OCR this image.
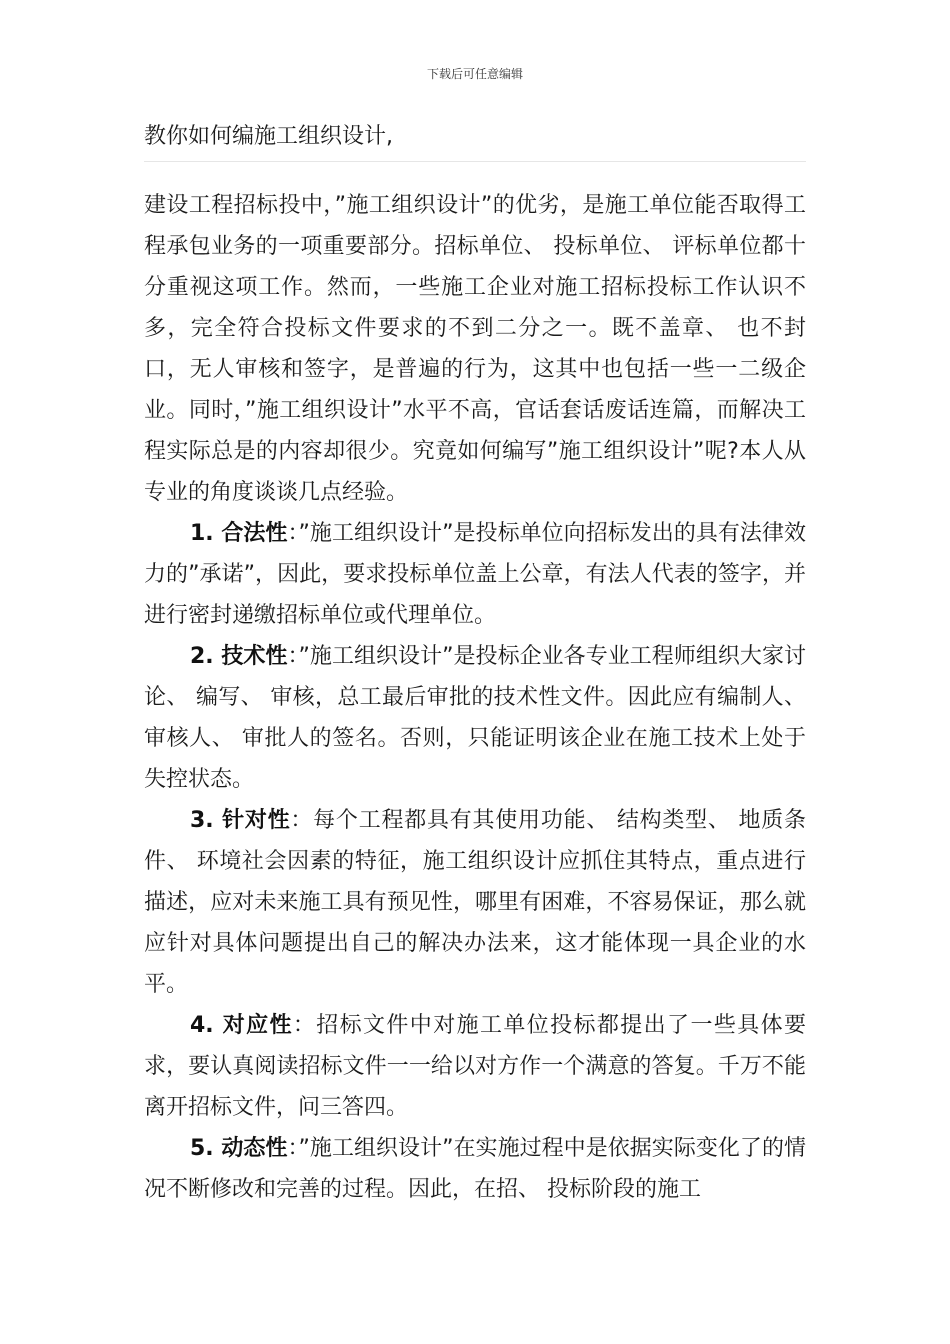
下载后可任意编辑
教你如何编施工组织设计,

建设工程招标投中，”施工组织设计”的优劣，是施工单位能否取得工程承包业务的一项重要部分。招标单位、 投标单位、 评标单位都十分重视这项工作。然而，一些施工企业对施工招标投标工作认识不多，完全符合投标文件要求的不到二分之一。既不盖章、 也不封口，无人审核和签字，是普遍的行为，这其中也包括一些一二级企业。同时，”施工组织设计”水平不高，官话套话废话连篇，而解决工程实际总是的内容却很少。究竟如何编写”施工组织设计”呢?本人从专业的角度谈谈几点经验。

1. 合法性：”施工组织设计”是投标单位向招标发出的具有法律效力的”承诺”，因此，要求投标单位盖上公章，有法人代表的签字，并进行密封递缴招标单位或代理单位。

2. 技术性：”施工组织设计”是投标企业各专业工程师组织大家讨论、 编写、 审核，总工最后审批的技术性文件。因此应有编制人、 审核人、 审批人的签名。否则，只能证明该企业在施工技术上处于失控状态。

3. 针对性：每个工程都具有其使用功能、 结构类型、 地质条件、 环境社会因素的特征，施工组织设计应抓住其特点，重点进行描述，应对未来施工具有预见性，哪里有困难，不容易保证，那么就应针对具体问题提出自己的解决办法来，这才能体现一具企业的水平。

4. 对应性：招标文件中对施工单位投标都提出了一些具体要求，要认真阅读招标文件一一给以对方作一个满意的答复。千万不能离开招标文件，问三答四。

5. 动态性：”施工组织设计”在实施过程中是依据实际变化了的情况不断修改和完善的过程。因此，在招、 投标阶段的施工
